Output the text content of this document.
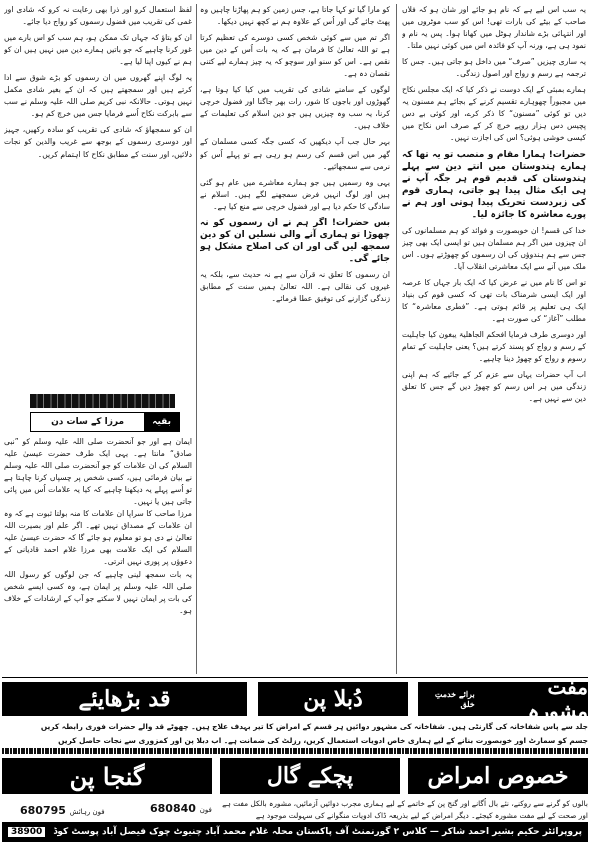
یہ سب اس لیے ہے کہ نام ہو جائے اور شان ہو کہ فلاں صاحب کے بیٹے کی بارات تھی! اس کو سب موٹروں میں اور انتہائی بڑے شاندار ہوٹل میں کھانا ہوا۔ پس یہ نام و نمود ہی ہے، ورنہ آپ کو فائدہ اس میں کوئی نہیں ملتا۔

یہ ساری چیزیں ”صرف“ میں داخل ہو جاتی ہیں۔ جس کا ترجمہ ہے رسم و رواج اور اصول زندگی۔

ہمارے بمبئی کے ایک دوست نے ذکر کیا کہ ایک مجلس نکاح میں مجبوراً چھوہارے تقسیم کرنے کے بجائے ہم مسنون یہ دیں تو کوئی ”مسنون“ کا ذکر کرے، اور کوئی بے دس پچیس دس ہزار روپے خرچ کر کے صرف اس نکاح میں کیسی خوشی ہوئی؟ اس کی اجازت نہیں۔

حضرات! ہمارا مقام و منصب تو یہ تھا کہ ہمارے ہندوستان میں انتے دین سے پہلے ہندوستان کی قدیم قوم ہر جگہ آپ نے ہی ایک مثال پیدا ہو جاتی، ہماری قوم کی زبردست تحریک پیدا ہوتی اور ہم نے پورے معاشرہ کا جائزہ لیا۔

خدا کی قسم! ان خوبصورت و فوائد کو ہم مسلمانوں کی ان چیزوں میں اگر ہم مسلمان ہیں تو ایسی ایک بھی چیز جس سے ہم ہندوؤں کی ان رسموں کو چھوڑتے ہوں۔ اس ملک میں آنے سے ایک معاشرتی انقلاب آیا۔

تو اس کا نام میں نے عرض کیا کہ ایک بار جہاں کا عرصہ اور ایک ایسی شرمناک بات تھی کہ کسی قوم کی بنیاد ایک ہی تعلیم پر قائم ہوتی ہے۔ ”فطری معاشرہ“ کا مطلب ”آغاز“ کی صورت ہے۔

اور دوسری طرف فرمایا افحکم الجاھلیۃ یبغون کیا جاہلیت کے رسم و رواج کو پسند کرتے ہیں؟ یعنی جاہلیت کے تمام رسوم و رواج کو چھوڑ دینا چاہیے۔

اب آپ حضرات یہاں سے عزم کر کے جائیے کہ ہم اپنی زندگی میں ہر اس رسم کو چھوڑ دیں گے جس کا تعلق دین سے نہیں ہے۔

کو مارا گیا تو کہا جاتا ہے، جس زمین کو ہم پھاڑنا چاہیں وہ پھٹ جائے گی اور اُس کے علاوہ ہم نے کچھ نہیں دیکھا۔

اگر تم میں سے کوئی شخص کسی دوسرے کی تعظیم کرتا ہے تو اللہ تعالیٰ کا فرمان ہے کہ یہ بات اُس کے دین میں نقص ہے۔ اس کو سنو اور سوچو کہ یہ چیز ہمارے لیے کتنی نقصان دہ ہے۔

لوگوں کے سامنے شادی کی تقریب میں کیا کیا ہوتا ہے، گھوڑوں اور باجوں کا شور، رات بھر جاگنا اور فضول خرچی کرنا، یہ سب وہ چیزیں ہیں جو دین اسلام کی تعلیمات کے خلاف ہیں۔

بہر حال جب آپ دیکھیں کہ کسی جگہ کسی مسلمان کے گھر میں اس قسم کی رسم ہو رہی ہے تو پہلے اُس کو نرمی سے سمجھائیے۔

یہی وہ رسمیں ہیں جو ہمارے معاشرے میں عام ہو گئی ہیں اور لوگ انہیں فرض سمجھنے لگے ہیں۔ اسلام نے سادگی کا حکم دیا ہے اور فضول خرچی سے منع کیا ہے۔

بس حضرات! اگر ہم نے ان رسموں کو نہ چھوڑا تو ہماری آنے والی نسلیں ان کو دین سمجھ لیں گی اور ان کی اصلاح مشکل ہو جائے گی۔

ان رسموں کا تعلق نہ قرآن سے ہے نہ حدیث سے، بلکہ یہ غیروں کی نقالی ہے۔ اللہ تعالیٰ ہمیں سنت کے مطابق زندگی گزارنے کی توفیق عطا فرمائے۔

لفظ استعمال کرو اور ذرا بھی رعایت نہ کرو کہ شادی اور غمی کی تقریب میں فضول رسموں کو رواج دیا جائے۔

ان کو بتاؤ کہ جہاں تک ممکن ہو، ہم سب کو اس بارے میں غور کرنا چاہیے کہ جو باتیں ہمارے دین میں نہیں ہیں ان کو ہم نے کیوں اپنا لیا ہے۔

یہ لوگ اپنے گھروں میں ان رسموں کو بڑے شوق سے ادا کرتے ہیں اور سمجھتے ہیں کہ ان کے بغیر شادی مکمل نہیں ہوتی۔ حالانکہ نبی کریم صلی اللہ علیہ وسلم نے سب سے بابرکت نکاح اُسے فرمایا جس میں خرچ کم ہو۔

ان کو سمجھاؤ کہ شادی کی تقریب کو سادہ رکھیں، جہیز اور دوسری رسموں کے بوجھ سے غریب والدین کو نجات دلائیں، اور سنت کے مطابق نکاح کا اہتمام کریں۔

بقیہ
مرزا کے سات دن

ایمان ہے اور جو آنحضرت صلی اللہ علیہ وسلم کو ”نبی صادق“ مانتا ہے۔ یہی ایک طرف حضرت عیسیٰ علیہ السلام کی ان علامات کو جو آنحضرت صلی اللہ علیہ وسلم نے بیان فرمائی ہیں، کسی شخص پر چسپاں کرنا چاہتا ہے تو اُسے پہلے یہ دیکھنا چاہیے کہ کیا یہ علامات اُس میں پائی جاتی ہیں یا نہیں۔

مرزا صاحب کا سراپا ان علامات کا منہ بولتا ثبوت ہے کہ وہ ان علامات کے مصداق نہیں تھے۔ اگر علم اور بصیرت اللہ تعالیٰ نے دی ہو تو معلوم ہو جائے گا کہ حضرت عیسیٰ علیہ السلام کی ایک علامت بھی مرزا غلام احمد قادیانی کے دعوؤں پر پوری نہیں اترتی۔

یہ بات سمجھ لینی چاہیے کہ جن لوگوں کو رسول اللہ صلی اللہ علیہ وسلم پر ایمان ہے، وہ کسی ایسے شخص کی بات پر ایمان نہیں لا سکتے جو آپ کے ارشادات کے خلاف ہو۔

مفت مشورہ
برائے خدمتِ خلق
دُبلا پن
قد بڑھایئے
جلد سے پاس شفاخانہ کی گارنٹی ہیں۔ شفاخانہ کی مشہور دوائیں ہر قسم کے امراض کا تیر بہدف علاج ہیں۔ چھوٹے قد والے حضرات فوری رابطہ کریں
جسم کو سمارٹ اور خوبصورت بنانے کے لیے ہماری خاص ادویات استعمال کریں، رزلٹ کی ضمانت ہے۔ اب دبلا پن اور کمزوری سے نجات حاصل کریں
خصوص امراض
پچکے گال
گنجا پن
بالوں کو گرنے سے روکنے، نئے بال اُگانے اور گنج پن کے خاتمے کے لیے ہماری مجرب دوائیں آزمائیں، مشورہ بالکل مفت ہے
اور صحت کے لیے مفت مشورہ کیجئے۔ دیگر امراض کے لیے بذریعہ ڈاک ادویات منگوانے کی سہولت موجود ہے
680840 فون
680795 فون رہائش
پروپرائٹر حکیم بشیر احمد شاکر — کلاس ۲ گورنمنٹ آف پاکستان محلہ غلام محمد آباد چنیوٹ چوک فیصل آباد پوسٹ کوڈ
38900
